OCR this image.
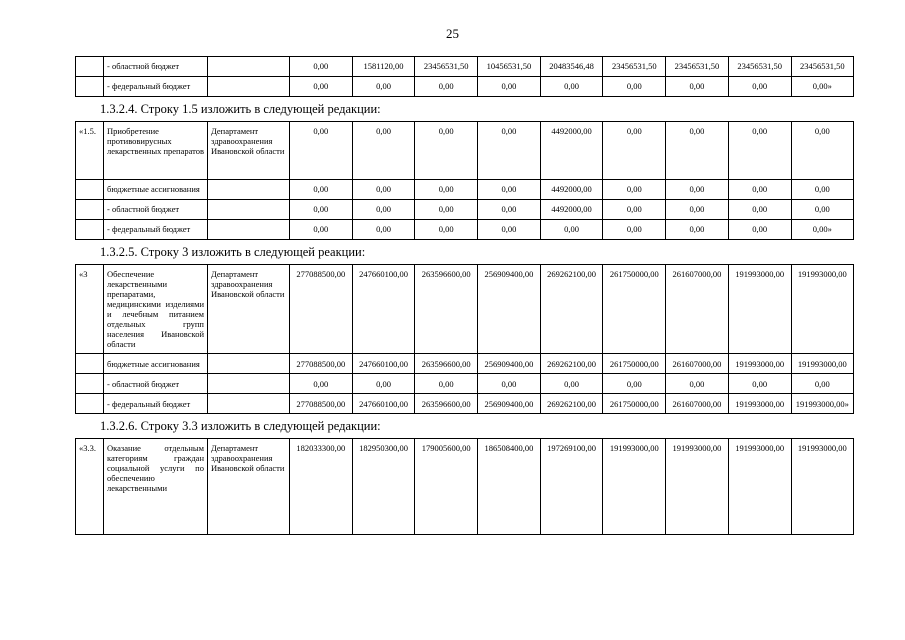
25
	- областной бюджет		0,00	1581120,00	23456531,50	10456531,50	20483546,48	23456531,50	23456531,50	23456531,50	23456531,50
	- федеральный бюджет		0,00	0,00	0,00	0,00	0,00	0,00	0,00	0,00	0,00»

1.3.2.4. Строку 1.5 изложить в следующей редакции:

«1.5.	Приобретение противовирусных лекарственных препаратов	Департамент здравоохранения Ивановской области	0,00	0,00	0,00	0,00	4492000,00	0,00	0,00	0,00	0,00
	бюджетные ассигнования		0,00	0,00	0,00	0,00	4492000,00	0,00	0,00	0,00	0,00
	- областной бюджет		0,00	0,00	0,00	0,00	4492000,00	0,00	0,00	0,00	0,00
	- федеральный бюджет		0,00	0,00	0,00	0,00	0,00	0,00	0,00	0,00	0,00»

1.3.2.5. Строку 3 изложить в следующей реакции:

«3	Обеспечение лекарственными препаратами, медицинскими изделиями и лечебным питанием отдельных групп населения Ивановской области	Департамент здравоохранения Ивановской области	277088500,00	247660100,00	263596600,00	256909400,00	269262100,00	261750000,00	261607000,00	191993000,00	191993000,00
	бюджетные ассигнования		277088500,00	247660100,00	263596600,00	256909400,00	269262100,00	261750000,00	261607000,00	191993000,00	191993000,00
	- областной бюджет		0,00	0,00	0,00	0,00	0,00	0,00	0,00	0,00	0,00
	- федеральный бюджет		277088500,00	247660100,00	263596600,00	256909400,00	269262100,00	261750000,00	261607000,00	191993000,00	191993000,00»

1.3.2.6. Строку 3.3 изложить в следующей редакции:

«3.3.	Оказание отдельным категориям граждан социальной услуги по обеспечению лекарственными	Департамент здравоохранения Ивановской области	182033300,00	182950300,00	179005600,00	186508400,00	197269100,00	191993000,00	191993000,00	191993000,00	191993000,00
